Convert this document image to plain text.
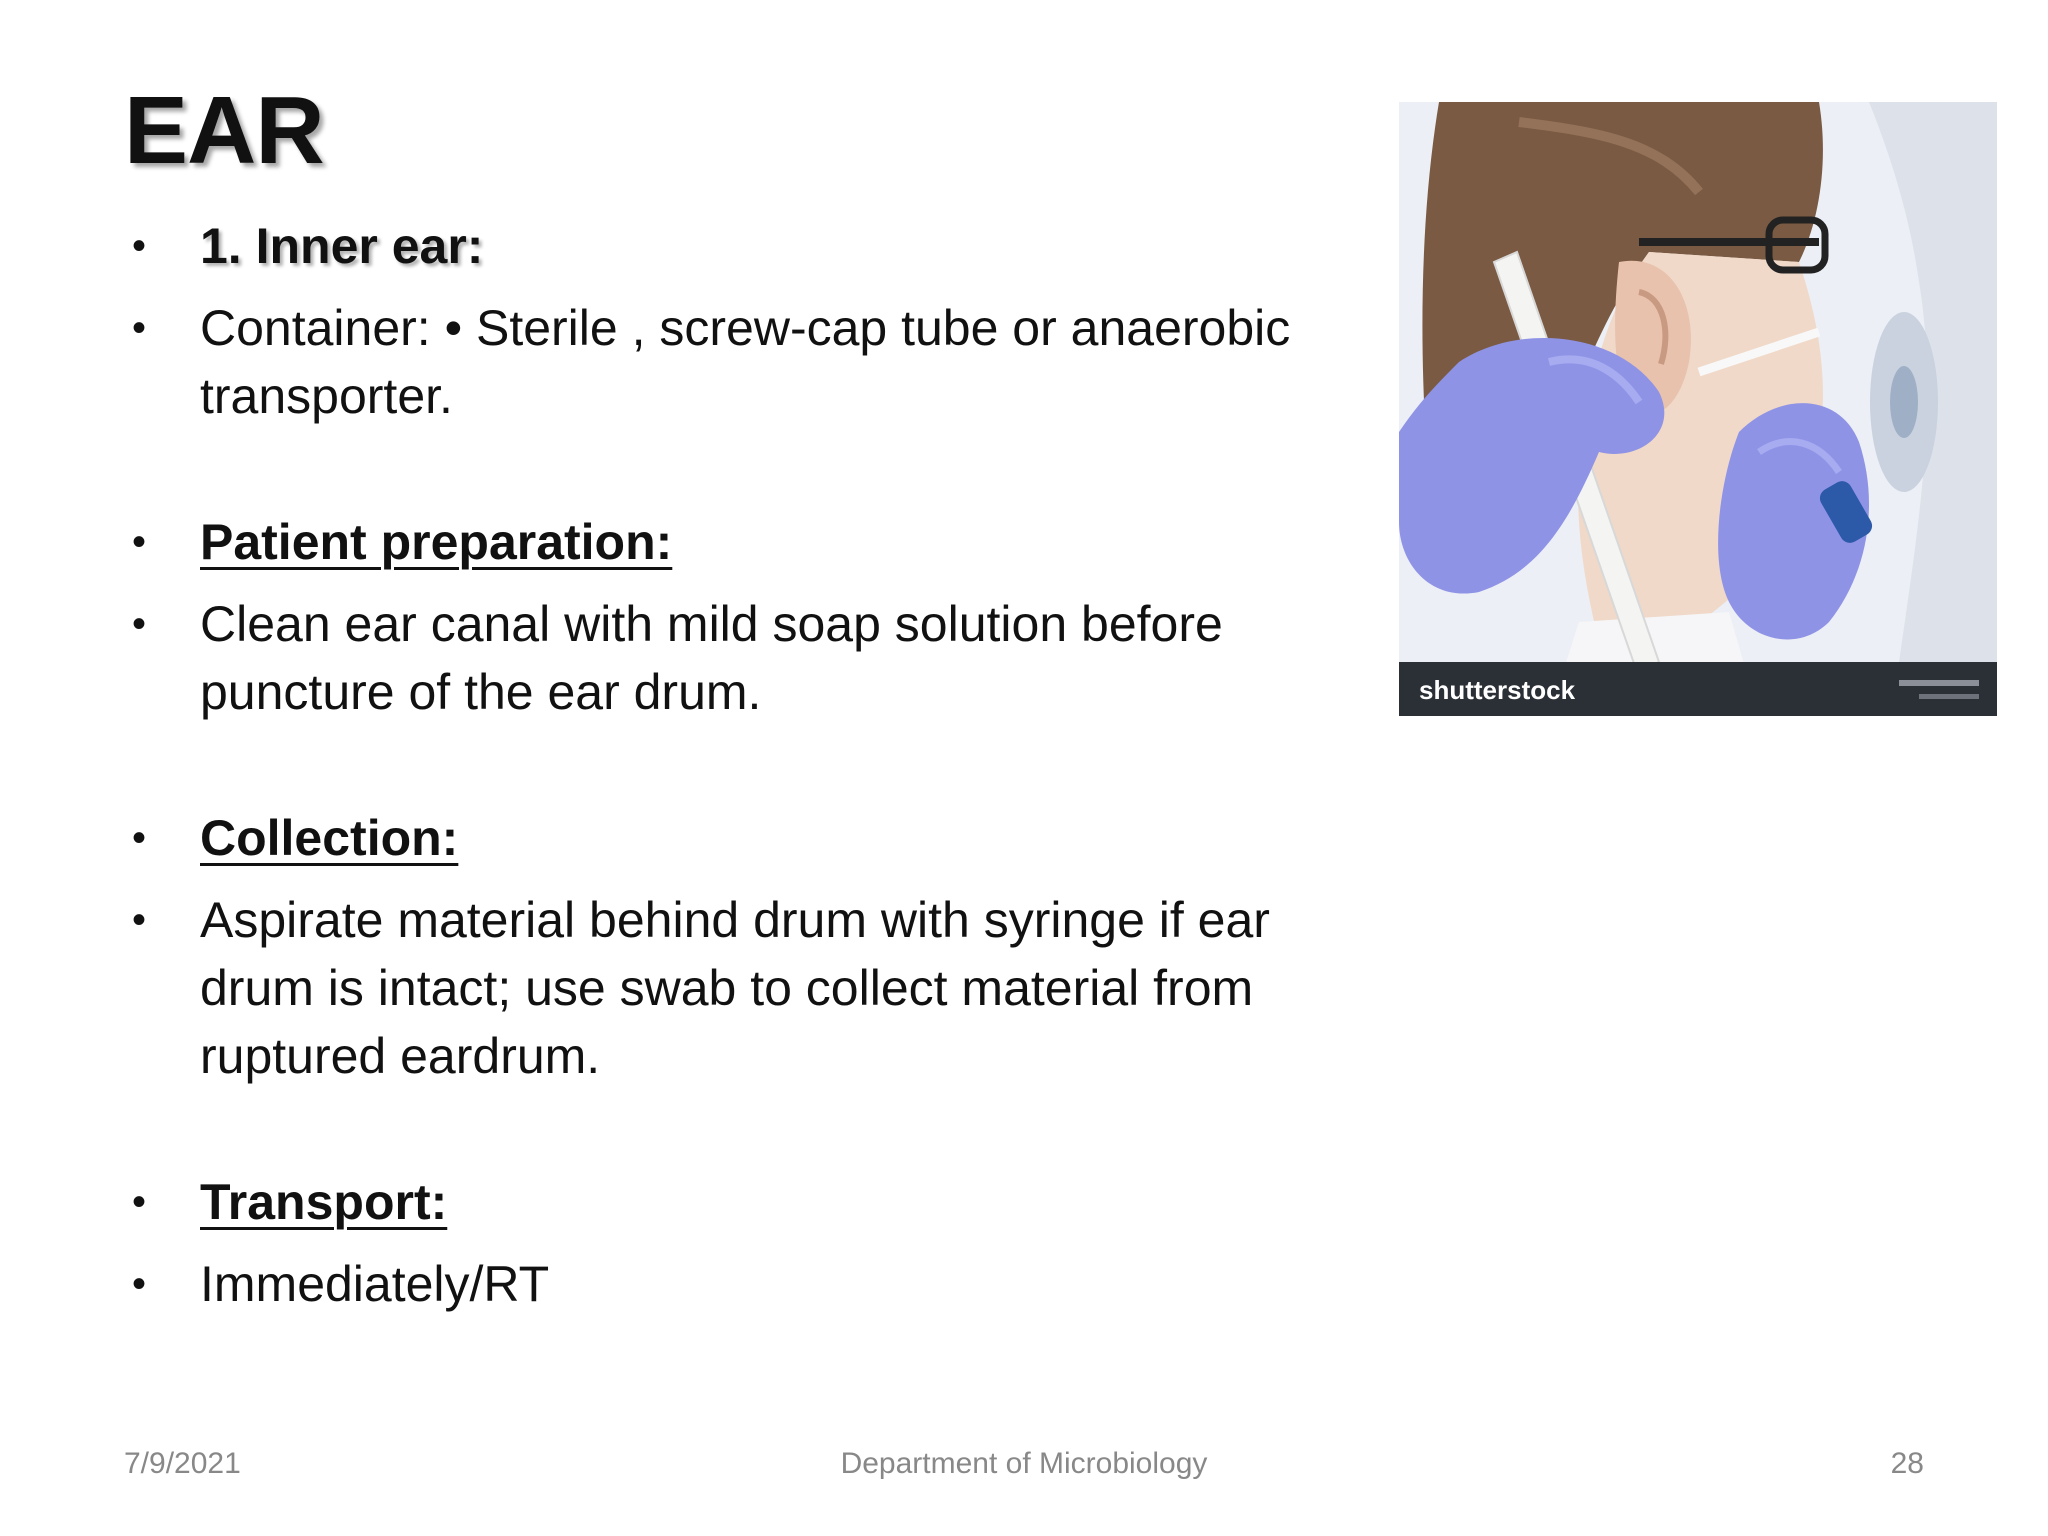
EAR
• 1. Inner ear:
• Container: • Sterile , screw-cap tube or anaerobic transporter.
• Patient preparation:
• Clean ear canal with mild soap solution before puncture of the ear drum.
• Collection:
• Aspirate material behind drum with syringe if ear drum is intact; use swab to collect material from ruptured eardrum.
• Transport:
• Immediately/RT
shutterstock
7/9/2021	Department of Microbiology	28
